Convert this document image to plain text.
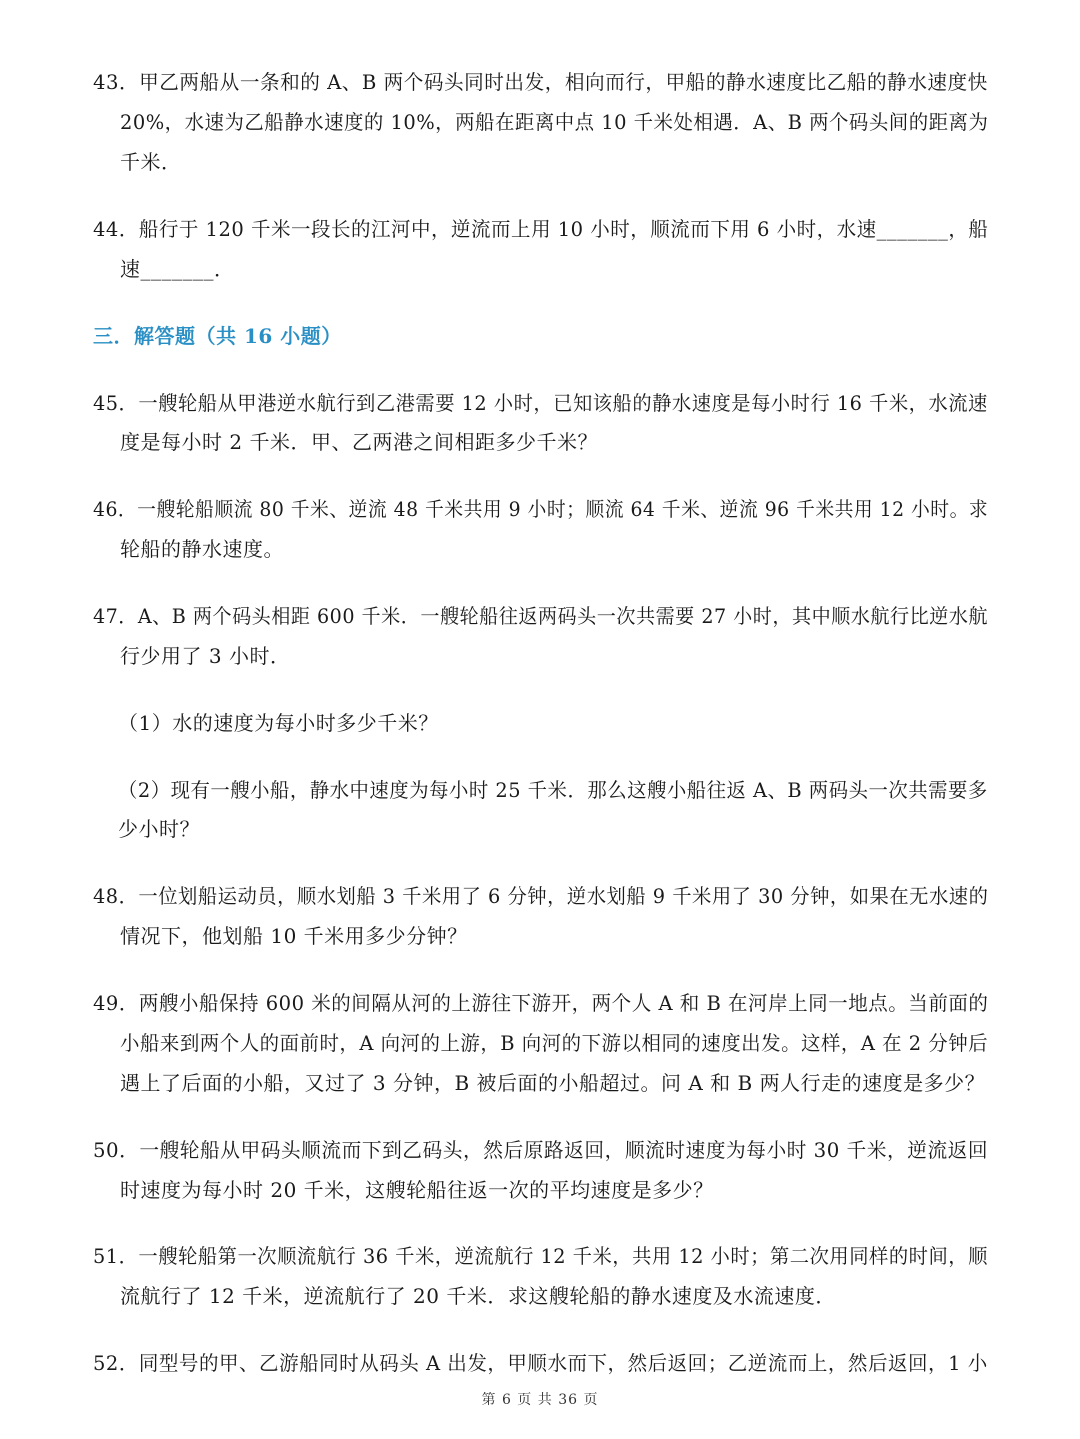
43．甲乙两船从一条和的 A、B 两个码头同时出发，相向而行，甲船的静水速度比乙船的静水速度快
20%，水速为乙船静水速度的 10%，两船在距离中点 10 千米处相遇．A、B 两个码头间的距离为
千米．
44．船行于 120 千米一段长的江河中，逆流而上用 10 小时，顺流而下用 6 小时，水速_______，船
速_______．
三．解答题（共 16 小题）
45．一艘轮船从甲港逆水航行到乙港需要 12 小时，已知该船的静水速度是每小时行 16 千米，水流速
度是每小时 2 千米．甲、乙两港之间相距多少千米？
46．一艘轮船顺流 80 千米、逆流 48 千米共用 9 小时；顺流 64 千米、逆流 96 千米共用 12 小时。求
轮船的静水速度。
47．A、B 两个码头相距 600 千米．一艘轮船往返两码头一次共需要 27 小时，其中顺水航行比逆水航
行少用了 3 小时．
（1）水的速度为每小时多少千米？
（2）现有一艘小船，静水中速度为每小时 25 千米．那么这艘小船往返 A、B 两码头一次共需要多
少小时？
48．一位划船运动员，顺水划船 3 千米用了 6 分钟，逆水划船 9 千米用了 30 分钟，如果在无水速的
情况下，他划船 10 千米用多少分钟？
49．两艘小船保持 600 米的间隔从河的上游往下游开，两个人 A 和 B 在河岸上同一地点。当前面的
小船来到两个人的面前时，A 向河的上游，B 向河的下游以相同的速度出发。这样，A 在 2 分钟后
遇上了后面的小船，又过了 3 分钟，B 被后面的小船超过。问 A 和 B 两人行走的速度是多少？
50．一艘轮船从甲码头顺流而下到乙码头，然后原路返回，顺流时速度为每小时 30 千米，逆流返回
时速度为每小时 20 千米，这艘轮船往返一次的平均速度是多少？
51．一艘轮船第一次顺流航行 36 千米，逆流航行 12 千米，共用 12 小时；第二次用同样的时间，顺
流航行了 12 千米，逆流航行了 20 千米．求这艘轮船的静水速度及水流速度．
52．同型号的甲、乙游船同时从码头 A 出发，甲顺水而下，然后返回；乙逆流而上，然后返回，1 小
第 6 页 共 36 页
